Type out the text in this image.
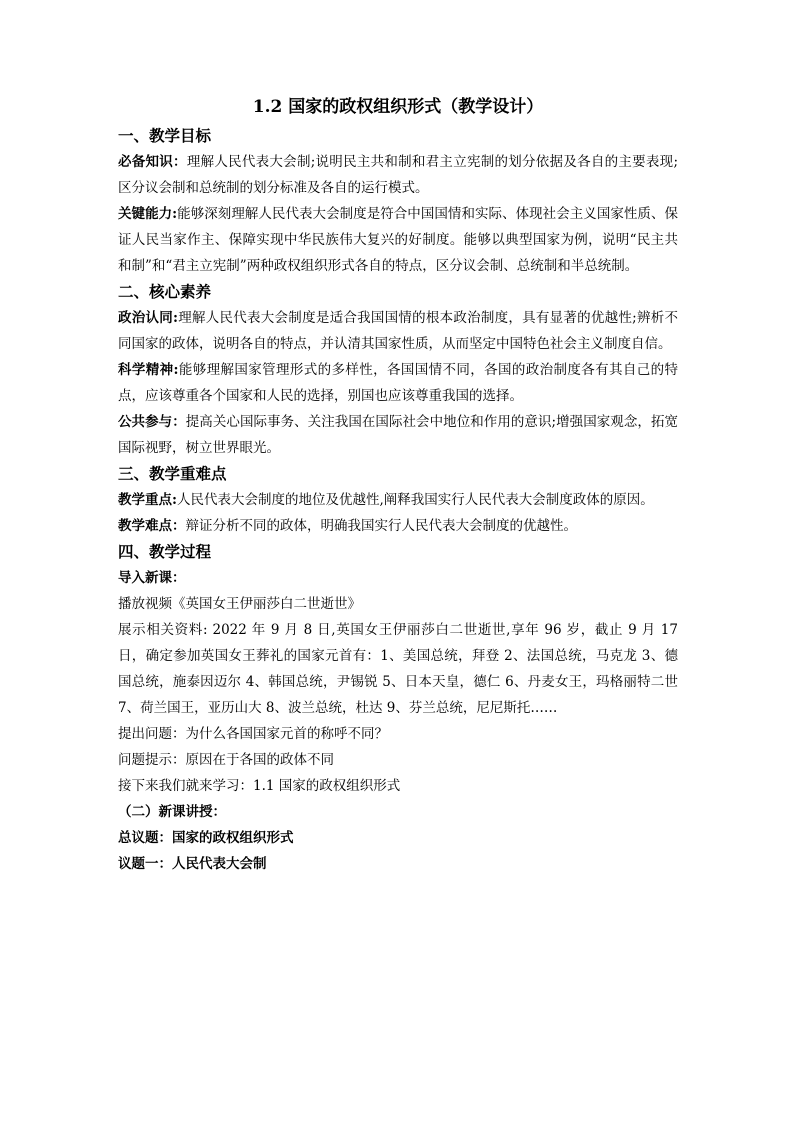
1.2 国家的政权组织形式（教学设计）

一、教学目标

必备知识：理解人民代表大会制;说明民主共和制和君主立宪制的划分依据及各自的主要表现;区分议会制和总统制的划分标准及各自的运行模式。

关键能力:能够深刻理解人民代表大会制度是符合中国国情和实际、体现社会主义国家性质、保证人民当家作主、保障实现中华民族伟大复兴的好制度。能够以典型国家为例，说明“民主共和制”和“君主立宪制”两种政权组织形式各自的特点，区分议会制、总统制和半总统制。

二、核心素养

政治认同:理解人民代表大会制度是适合我国国情的根本政治制度，具有显著的优越性;辨析不同国家的政体，说明各自的特点，并认清其国家性质，从而坚定中国特色社会主义制度自信。

科学精神:能够理解国家管理形式的多样性，各国国情不同，各国的政治制度各有其自己的特点，应该尊重各个国家和人民的选择，别国也应该尊重我国的选择。

公共参与：提高关心国际事务、关注我国在国际社会中地位和作用的意识;增强国家观念，拓宽国际视野，树立世界眼光。

三、教学重难点

教学重点:人民代表大会制度的地位及优越性,阐释我国实行人民代表大会制度政体的原因。

教学难点：辩证分析不同的政体，明确我国实行人民代表大会制度的优越性。

四、教学过程

导入新课：

播放视频《英国女王伊丽莎白二世逝世》

展示相关资料: 2022 年 9 月 8 日,英国女王伊丽莎白二世逝世,享年 96 岁，截止 9 月 17 日，确定参加英国女王葬礼的国家元首有：1、美国总统，拜登 2、法国总统，马克龙 3、德国总统，施泰因迈尔 4、韩国总统，尹锡锐 5、日本天皇，德仁 6、丹麦女王，玛格丽特二世 7、荷兰国王，亚历山大 8、波兰总统，杜达 9、芬兰总统，尼尼斯托……

提出问题：为什么各国国家元首的称呼不同？

问题提示：原因在于各国的政体不同

接下来我们就来学习：1.1 国家的政权组织形式

（二）新课讲授：

总议题：国家的政权组织形式

议题一：人民代表大会制
